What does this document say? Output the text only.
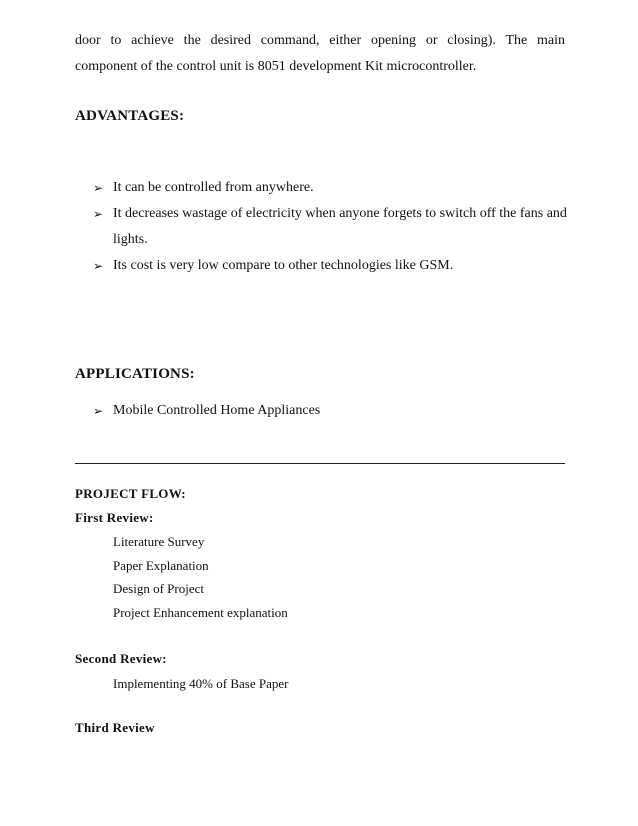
door to achieve the desired command, either opening or closing). The main
component of the control unit is 8051 development Kit microcontroller.

ADVANTAGES:
➢ It can be controlled from anywhere.
➢ It decreases wastage of electricity when anyone forgets to switch off the fans and lights.
➢ Its cost is very low compare to other technologies like GSM.
APPLICATIONS:
➢ Mobile Controlled Home Appliances
PROJECT FLOW:
First Review:
Literature Survey
Paper Explanation
Design of Project
Project Enhancement explanation
Second Review:
Implementing 40% of Base Paper
Third Review
